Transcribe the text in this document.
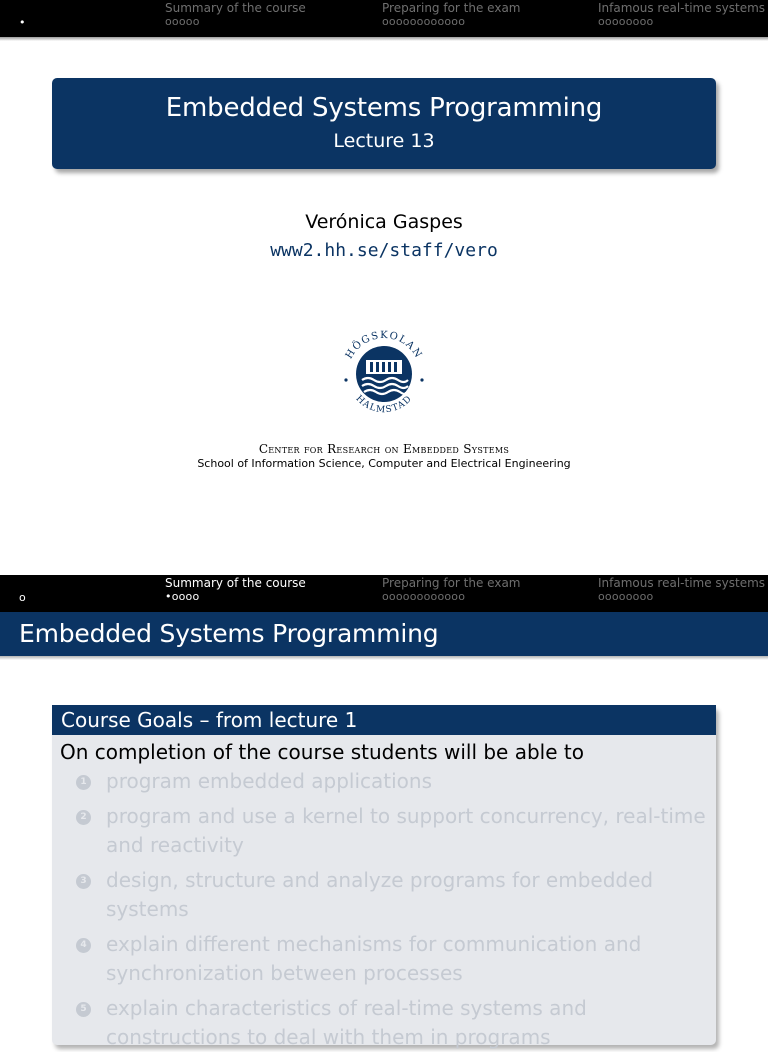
•
Summary of the course
ooooo
Preparing for the exam
oooooooooooo
Infamous real-time systems
oooooooo
Embedded Systems Programming
Lecture 13
Verónica Gaspes
www2.hh.se/staff/vero
HÖGSKOLAN
HALMSTAD
Center for Research on Embedded Systems
School of Information Science, Computer and Electrical Engineering
o
Summary of the course
•oooo
Preparing for the exam
oooooooooooo
Infamous real-time systems
oooooooo
Embedded Systems Programming
Course Goals – from lecture 1
On completion of the course students will be able to
1 program embedded applications
2 program and use a kernel to support concurrency, real-time and reactivity
3 design, structure and analyze programs for embedded systems
4 explain different mechanisms for communication and synchronization between processes
5 explain characteristics of real-time systems and constructions to deal with them in programs
